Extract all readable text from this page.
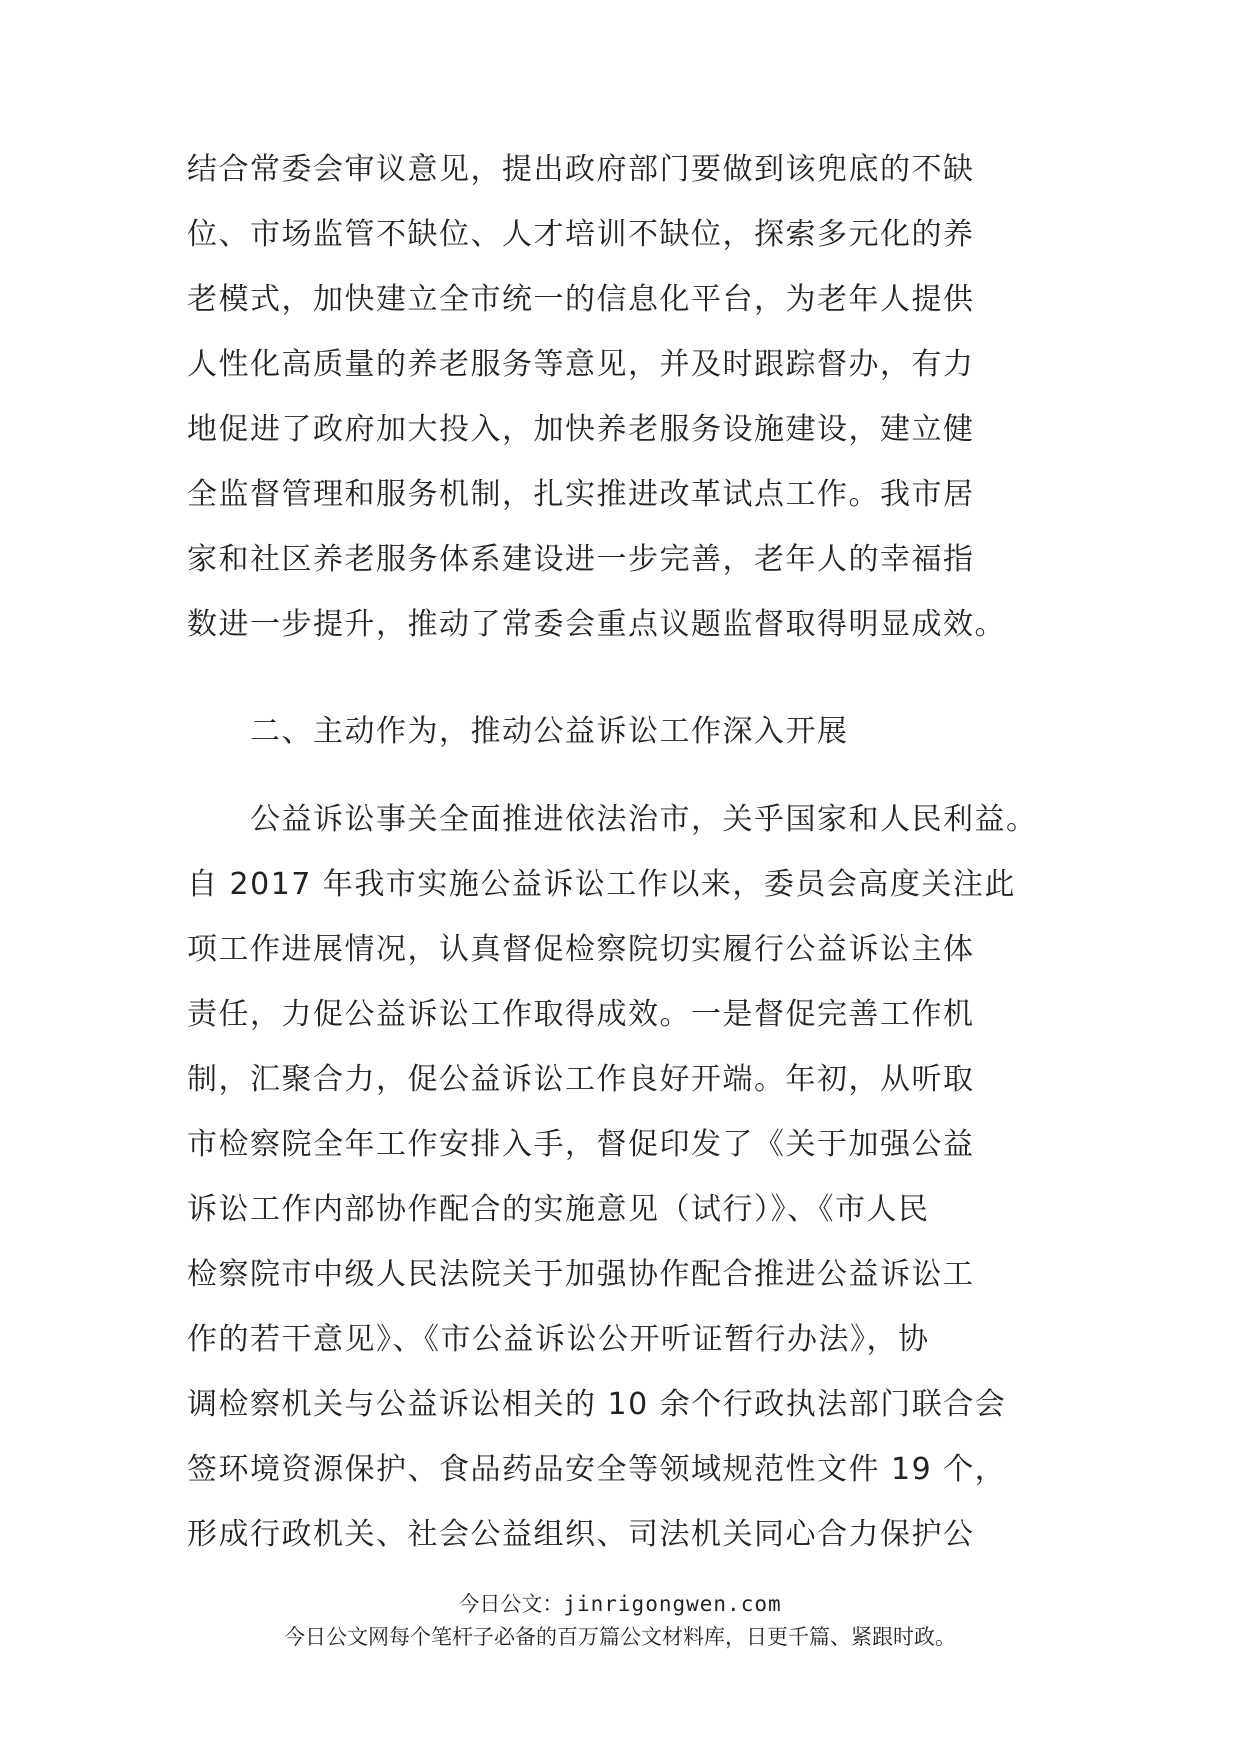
结合常委会审议意见，提出政府部门要做到该兜底的不缺
位、市场监管不缺位、人才培训不缺位，探索多元化的养
老模式，加快建立全市统一的信息化平台，为老年人提供
人性化高质量的养老服务等意见，并及时跟踪督办，有力
地促进了政府加大投入，加快养老服务设施建设，建立健
全监督管理和服务机制，扎实推进改革试点工作。我市居
家和社区养老服务体系建设进一步完善，老年人的幸福指
数进一步提升，推动了常委会重点议题监督取得明显成效。
二、主动作为，推动公益诉讼工作深入开展
公益诉讼事关全面推进依法治市，关乎国家和人民利益。
自 2017 年我市实施公益诉讼工作以来，委员会高度关注此
项工作进展情况，认真督促检察院切实履行公益诉讼主体
责任，力促公益诉讼工作取得成效。一是督促完善工作机
制，汇聚合力，促公益诉讼工作良好开端。年初，从听取
市检察院全年工作安排入手，督促印发了《关于加强公益
诉讼工作内部协作配合的实施意见（试行）》、《市人民
检察院市中级人民法院关于加强协作配合推进公益诉讼工
作的若干意见》、《市公益诉讼公开听证暂行办法》，协
调检察机关与公益诉讼相关的 10 余个行政执法部门联合会
签环境资源保护、食品药品安全等领域规范性文件 19 个，
形成行政机关、社会公益组织、司法机关同心合力保护公
今日公文：jinrigongwen.com
今日公文网每个笔杆子必备的百万篇公文材料库，日更千篇、紧跟时政。
